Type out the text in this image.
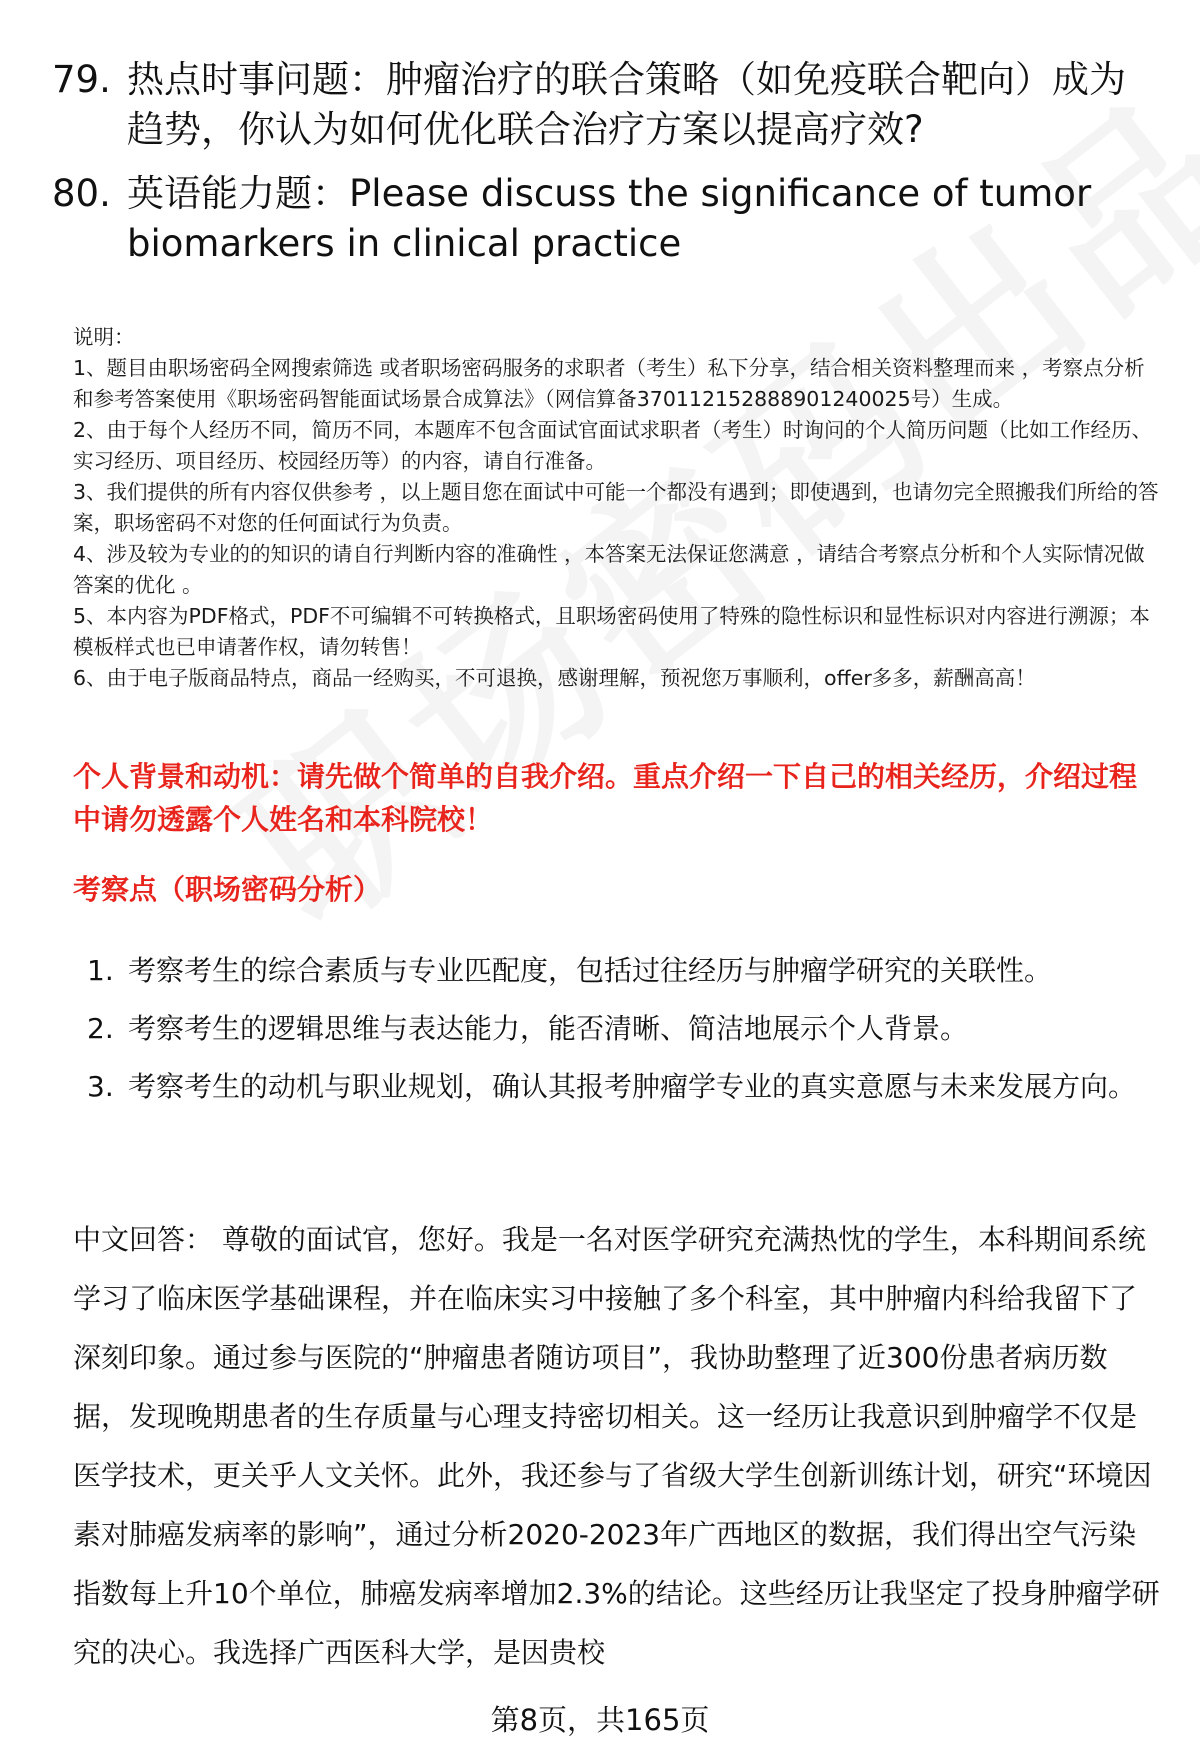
79. 热点时事问题：肿瘤治疗的联合策略（如免疫联合靶向）成为趋势，你认为如何优化联合治疗方案以提高疗效?
80. 英语能力题：Please discuss the significance of tumor biomarkers in clinical practice

说明：

1、题目由职场密码全网搜索筛选 或者职场密码服务的求职者（考生）私下分享，结合相关资料整理而来 ，考察点分析和参考答案使用《职场密码智能面试场景合成算法》（网信算备370112152888901240025号）生成。

2、由于每个人经历不同，简历不同，本题库不包含面试官面试求职者（考生）时询问的个人简历问题（比如工作经历、实习经历、项目经历、校园经历等）的内容，请自行准备。

3、我们提供的所有内容仅供参考 ，以上题目您在面试中可能一个都没有遇到；即使遇到，也请勿完全照搬我们所给的答案，职场密码不对您的任何面试行为负责。

4、涉及较为专业的的知识的请自行判断内容的准确性 ，本答案无法保证您满意 ，请结合考察点分析和个人实际情况做答案的优化 。

5、本内容为PDF格式，PDF不可编辑不可转换格式，且职场密码使用了特殊的隐性标识和显性标识对内容进行溯源；本模板样式也已申请著作权，请勿转售！

6、由于电子版商品特点，商品一经购买，不可退换，感谢理解，预祝您万事顺利，offer多多，薪酬高高！

个人背景和动机：请先做个简单的自我介绍。重点介绍一下自己的相关经历，介绍过程中请勿透露个人姓名和本科院校！
考察点（职场密码分析）
1. 考察考生的综合素质与专业匹配度，包括过往经历与肿瘤学研究的关联性。
2. 考察考生的逻辑思维与表达能力，能否清晰、简洁地展示个人背景。
3. 考察考生的动机与职业规划，确认其报考肿瘤学专业的真实意愿与未来发展方向。

中文回答： 尊敬的面试官，您好。我是一名对医学研究充满热忱的学生，本科期间系统学习了临床医学基础课程，并在临床实习中接触了多个科室，其中肿瘤内科给我留下了深刻印象。通过参与医院的“肿瘤患者随访项目”，我协助整理了近300份患者病历数据，发现晚期患者的生存质量与心理支持密切相关。这一经历让我意识到肿瘤学不仅是医学技术，更关乎人文关怀。此外，我还参与了省级大学生创新训练计划，研究“环境因素对肺癌发病率的影响”，通过分析2020-2023年广西地区的数据，我们得出空气污染指数每上升10个单位，肺癌发病率增加2.3%的结论。这些经历让我坚定了投身肿瘤学研究的决心。我选择广西医科大学，是因贵校

第8页，共165页
